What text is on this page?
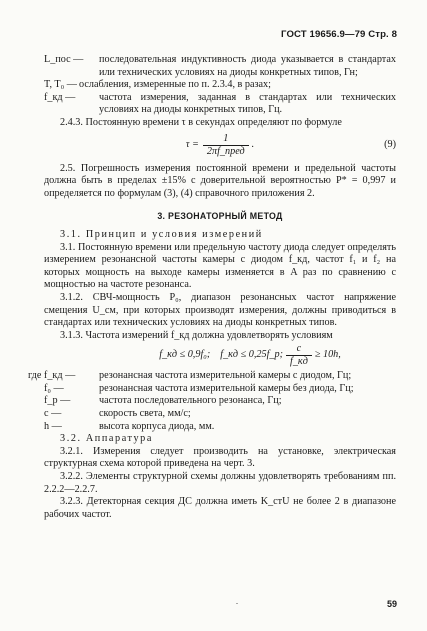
ГОСТ 19656.9—79 Стр. 8
L_пос —	последовательная индуктивность диода указывается в стандартах или технических условиях на диоды конкретных типов, Гн;
T, T₀ — ослабления, измеренные по п. 2.3.4, в разах;
f_кд —	частота измерения, заданная в стандартах или технических условиях на диоды конкретных типов, Гц.

2.4.3. Постоянную времени τ в секундах определяют по формуле

$\tau = \frac{1}{\text{2πf\_пред}}$ .	(9)

2.5. Погрешность измерения постоянной времени и предельной частоты должна быть в пределах ±15% с доверительной вероятностью P* = 0,997 и определяется по формулам (3), (4) справочного приложения 2.

3. РЕЗОНАТОРНЫЙ МЕТОД

3.1. Принцип и условия измерений

3.1. Постоянную времени или предельную частоту диода следует определять измерением резонансной частоты камеры с диодом f_кд, частот f₁ и f₂ на которых мощность на выходе камеры изменяется в A раз по сравнению с мощностью на частоте резонанса.

3.1.2. СВЧ-мощность P₀, диапазон резонансных частот напряжение смещения U_см, при которых производят измерения, должны приводиться в стандартах или технических условиях на диоды конкретных типов.

3.1.3. Частота измерений f_кд должна удовлетворять условиям

f_кд ≤ 0,9f₀; f_кд ≤ 0,25f_р; $\frac{c}{f\_кд} \ge 10h$,
где f_кд —	резонансная частота измерительной камеры с диодом, Гц;
f₀ —	резонансная частота измерительной камеры без диода, Гц;
f_р —	частота последовательного резонанса, Гц;
c —	скорость света, мм/с;
h —	высота корпуса диода, мм.

3.2. Аппаратура

3.2.1. Измерения следует производить на установке, электрическая структурная схема которой приведена на черт. 3.

3.2.2. Элементы структурной схемы должны удовлетворять требованиям пп. 2.2.2—2.2.7.

3.2.3. Детекторная секция ДС должна иметь K_стU не более 2 в диапазоне рабочих частот.

.	59
